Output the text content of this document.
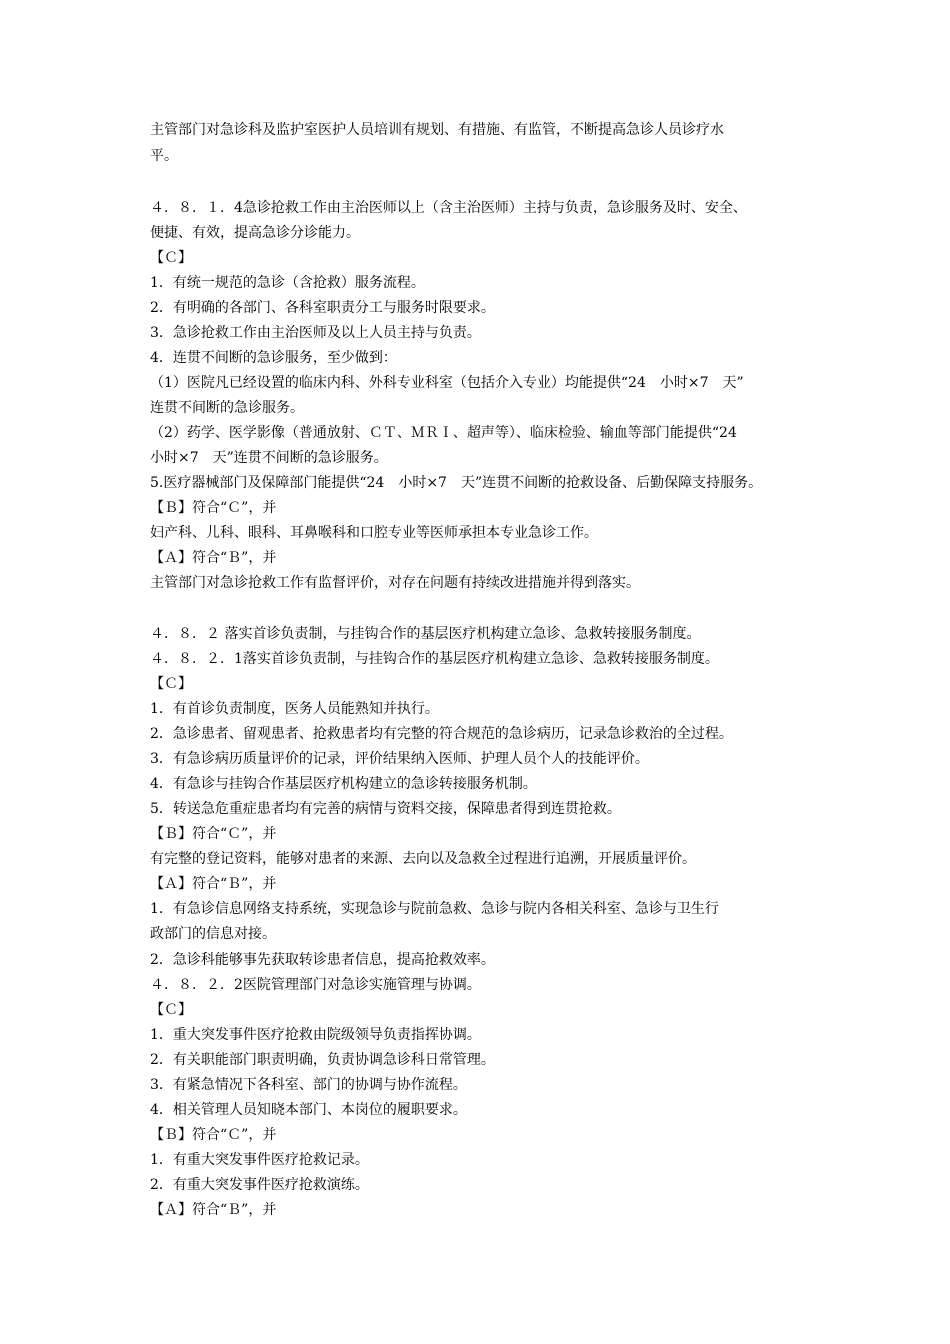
主管部门对急诊科及监护室医护人员培训有规划、有措施、有监管，不断提高急诊人员诊疗水
平。
４．８．１．4急诊抢救工作由主治医师以上（含主治医师）主持与负责，急诊服务及时、安全、
便捷、有效，提高急诊分诊能力。
【Ｃ】
1．有统一规范的急诊（含抢救）服务流程。
2．有明确的各部门、各科室职责分工与服务时限要求。
3．急诊抢救工作由主治医师及以上人员主持与负责。
4．连贯不间断的急诊服务，至少做到：
（1）医院凡已经设置的临床内科、外科专业科室（包括介入专业）均能提供“24　小时×7　天”
连贯不间断的急诊服务。
（2）药学、医学影像（普通放射、ＣＴ、ＭＲＩ、超声等）、临床检验、输血等部门能提供“24
小时×7　天”连贯不间断的急诊服务。
5.医疗器械部门及保障部门能提供“24　小时×7　天”连贯不间断的抢救设备、后勤保障支持服务。
【Ｂ】符合“Ｃ”，并
妇产科、儿科、眼科、耳鼻喉科和口腔专业等医师承担本专业急诊工作。
【Ａ】符合“Ｂ”，并
主管部门对急诊抢救工作有监督评价，对存在问题有持续改进措施并得到落实。
４．８．２ 落实首诊负责制，与挂钩合作的基层医疗机构建立急诊、急救转接服务制度。
４．８．２．1落实首诊负责制，与挂钩合作的基层医疗机构建立急诊、急救转接服务制度。
【Ｃ】
1．有首诊负责制度，医务人员能熟知并执行。
2．急诊患者、留观患者、抢救患者均有完整的符合规范的急诊病历，记录急诊救治的全过程。
3．有急诊病历质量评价的记录，评价结果纳入医师、护理人员个人的技能评价。
4．有急诊与挂钩合作基层医疗机构建立的急诊转接服务机制。
5．转送急危重症患者均有完善的病情与资料交接，保障患者得到连贯抢救。
【Ｂ】符合“Ｃ”，并
有完整的登记资料，能够对患者的来源、去向以及急救全过程进行追溯，开展质量评价。
【Ａ】符合“Ｂ”，并
1．有急诊信息网络支持系统，实现急诊与院前急救、急诊与院内各相关科室、急诊与卫生行
政部门的信息对接。
2．急诊科能够事先获取转诊患者信息，提高抢救效率。
４．８．２．2医院管理部门对急诊实施管理与协调。
【Ｃ】
1．重大突发事件医疗抢救由院级领导负责指挥协调。
2．有关职能部门职责明确，负责协调急诊科日常管理。
3．有紧急情况下各科室、部门的协调与协作流程。
4．相关管理人员知晓本部门、本岗位的履职要求。
【Ｂ】符合“Ｃ”，并
1．有重大突发事件医疗抢救记录。
2．有重大突发事件医疗抢救演练。
【Ａ】符合“Ｂ”，并
